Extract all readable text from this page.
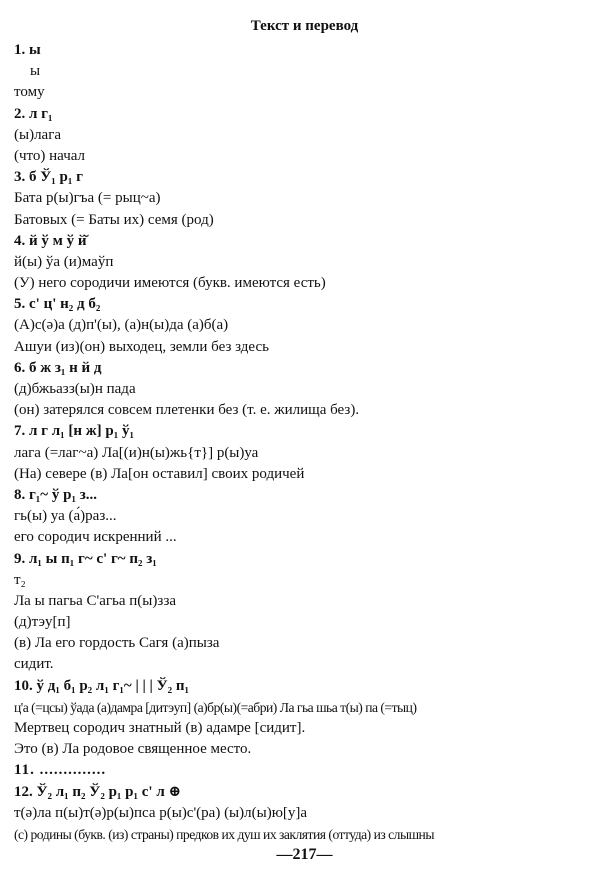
Текст и перевод
1. ы
ы
тому
2. л г₁
(ы)лага
(что) начал
3. б Ў₁ р₁ г
Бата р(ы)гъа (= рыц~а)
Батовых (= Баты их) семя (род)
4. й ў м ў й̆
й(ы) ўа (и)маўп
(У) него сородичи имеются (букв. имеются есть)
5. с' ц' н₂ д б₂
(А)с(ә)а (д)п'(ы), (а)н(ы)да (а)б(а)
Ашуи (из)(он) выходец, земли без здесь
6. б ж з₁ н й д
(д)бжьазз(ы)н пада
(он) затерялся совсем плетенки без (т. е. жилища без).
7. л г л₁ [н ж] р₁ ў₁
лага (=лаг~а) Ла[(и)н(ы)жь{т}] р(ы)уа
(На) севере (в) Ла[он оставил] своих родичей
8. г₁~ ў р₁ з...
гь(ы) уа (а́)раз...
его сородич искренний ...
9. л₁ ы п₁ г~ с' г~ п₂ з₁
т₂
Ла ы пагьа С'агьа п(ы)зза
(д)тэу[п]
(в) Ла его гордость Сагя (а)пыза
сидит.
10. ў д₁ б₁ р₂ л₁ г₁~ | | | Ў₂ п₁
ц'а (=цсы) ўада (а)дамра [дитэуп] (а)бр(ы)(=абри) Ла гьа шьа т(ы) па (=тыц)
Мертвец сородич знатный (в) адамре [сидит].
Это (в) Ла родовое священное место.
11. ..............
12. Ў₂ л₁ п₂ Ў₂ р₁ р₁ с' л ⊕
т(ә)ла п(ы)т(ә)р(ы)пса р(ы)с'(ра) (ы)л(ы)ю[у]а
(с) родины (букв. (из) страны) предков их душ их заклятия (оттуда) из слышны
—217—
